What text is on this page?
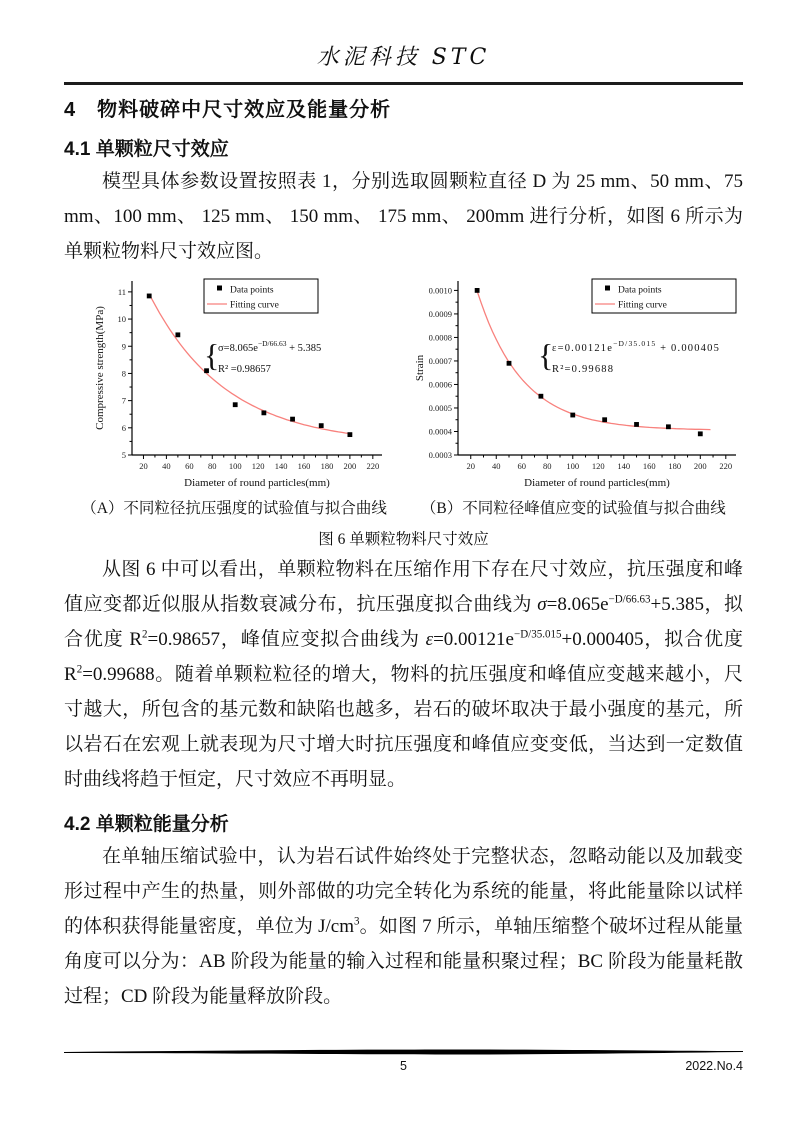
水泥科技 STC
4　物料破碎中尺寸效应及能量分析
4.1 单颗粒尺寸效应

模型具体参数设置按照表 1，分别选取圆颗粒直径 D 为 25 mm、50 mm、75 mm、100 mm、 125 mm、 150 mm、 175 mm、 200mm 进行分析，如图 6 所示为单颗粒物料尺寸效应图。

20 40 60 80 100 120 140 160 180 200 220
5
6
7
8
9
10
11	Data points
Fitting curve
{
$\sigma=8.065e^{-D/66.63} + 5.385$
R² =0.98657
Diameter of round particles(mm)
Compressive strength(MPa)
20 40 60 80 100 120 140 160 180 200 220
0.0003
0.0004
0.0005
0.0006
0.0007
0.0008
0.0009
0.0010	Data points
Fitting curve
{
$\varepsilon=0.00121e^{-D/35.015} + 0.000405$
R²=0.99688
Diameter of round particles(mm)
Strain
（A）不同粒径抗压强度的试验值与拟合曲线 （B）不同粒径峰值应变的试验值与拟合曲线
图 6 单颗粒物料尺寸效应

从图 6 中可以看出，单颗粒物料在压缩作用下存在尺寸效应，抗压强度和峰值应变都近似服从指数衰减分布，抗压强度拟合曲线为 $\sigma=8.065e^{-D/66.63}+5.385$，拟合优度 $R^2=0.98657$，峰值应变拟合曲线为 $\varepsilon=0.00121e^{-D/35.015}+0.000405$，拟合优度 $R^2=0.99688$。随着单颗粒粒径的增大，物料的抗压强度和峰值应变越来越小，尺寸越大，所包含的基元数和缺陷也越多，岩石的破坏取决于最小强度的基元，所以岩石在宏观上就表现为尺寸增大时抗压强度和峰值应变变低，当达到一定数值时曲线将趋于恒定，尺寸效应不再明显。

4.2 单颗粒能量分析

在单轴压缩试验中，认为岩石试件始终处于完整状态，忽略动能以及加载变形过程中产生的热量，则外部做的功完全转化为系统的能量，将此能量除以试样的体积获得能量密度，单位为 $J/cm^3$。如图 7 所示，单轴压缩整个破坏过程从能量角度可以分为：AB 阶段为能量的输入过程和能量积聚过程；BC 阶段为能量耗散过程；CD 阶段为能量释放阶段。

5	2022.No.4
